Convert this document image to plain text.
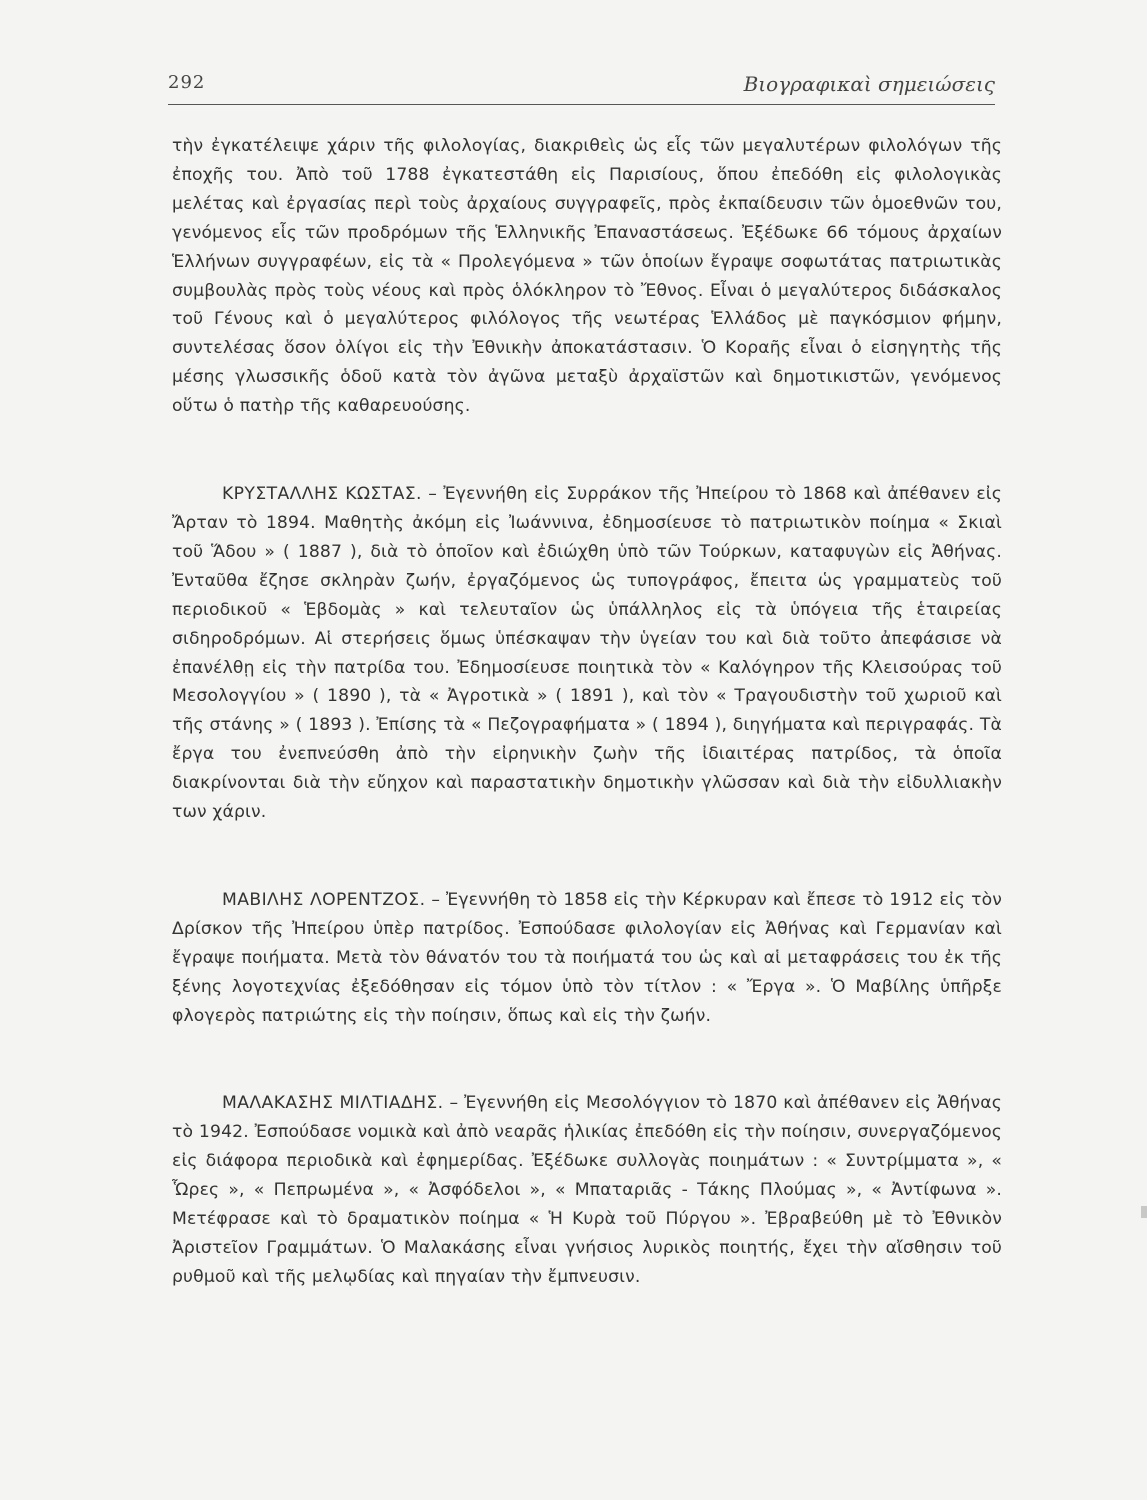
292	Βιογραφικαὶ σημειώσεις

τὴν ἐγκατέλειψε χάριν τῆς φιλολογίας, διακριθεὶς ὡς εἷς τῶν μεγαλυτέρων φιλολόγων τῆς ἐποχῆς του. Ἀπὸ τοῦ 1788 ἐγκατεστάθη εἰς Παρισίους, ὅπου ἐπεδόθη εἰς φιλολογικὰς μελέτας καὶ ἐργασίας περὶ τοὺς ἀρχαίους συγγραφεῖς, πρὸς ἐκπαίδευσιν τῶν ὁμοεθνῶν του, γενόμενος εἷς τῶν προδρόμων τῆς Ἑλληνικῆς Ἐπαναστάσεως. Ἐξέδωκε 66 τόμους ἀρχαίων Ἑλλήνων συγγραφέων, εἰς τὰ « Προλεγόμενα » τῶν ὁποίων ἔγραψε σοφωτάτας πατριωτικὰς συμβουλὰς πρὸς τοὺς νέους καὶ πρὸς ὁλόκληρον τὸ Ἔθνος. Εἶναι ὁ μεγαλύτερος διδάσκαλος τοῦ Γένους καὶ ὁ μεγαλύτερος φιλόλογος τῆς νεωτέρας Ἑλλάδος μὲ παγκόσμιον φήμην, συντελέσας ὅσον ὀλίγοι εἰς τὴν Ἐθνικὴν ἀποκατάστασιν. Ὁ Κοραῆς εἶναι ὁ εἰσηγητὴς τῆς μέσης γλωσσικῆς ὁδοῦ κατὰ τὸν ἀγῶνα μεταξὺ ἀρχαϊστῶν καὶ δημοτικιστῶν, γενόμενος οὕτω ὁ πατὴρ τῆς καθαρευούσης.

ΚΡΥΣΤΑΛΛΗΣ ΚΩΣΤΑΣ. – Ἐγεννήθη εἰς Συρράκον τῆς Ἠπείρου τὸ 1868 καὶ ἀπέθανεν εἰς Ἄρταν τὸ 1894. Μαθητὴς ἀκόμη εἰς Ἰωάννινα, ἐδημοσίευσε τὸ πατριωτικὸν ποίημα « Σκιαὶ τοῦ Ἅδου » ( 1887 ), διὰ τὸ ὁποῖον καὶ ἐδιώχθη ὑπὸ τῶν Τούρκων, καταφυγὼν εἰς Ἀθήνας. Ἐνταῦθα ἔζησε σκληρὰν ζωήν, ἐργαζόμενος ὡς τυπογράφος, ἔπειτα ὡς γραμματεὺς τοῦ περιοδικοῦ « Ἑβδομὰς » καὶ τελευταῖον ὡς ὑπάλληλος εἰς τὰ ὑπόγεια τῆς ἑταιρείας σιδηροδρόμων. Αἱ στερήσεις ὅμως ὑπέσκαψαν τὴν ὑγείαν του καὶ διὰ τοῦτο ἀπεφάσισε νὰ ἐπανέλθῃ εἰς τὴν πατρίδα του. Ἐδημοσίευσε ποιητικὰ τὸν « Καλόγηρον τῆς Κλεισούρας τοῦ Μεσολογγίου » ( 1890 ), τὰ « Ἀγροτικὰ » ( 1891 ), καὶ τὸν « Τραγουδιστὴν τοῦ χωριοῦ καὶ τῆς στάνης » ( 1893 ). Ἐπίσης τὰ « Πεζογραφήματα » ( 1894 ), διηγήματα καὶ περιγραφάς. Τὰ ἔργα του ἐνεπνεύσθη ἀπὸ τὴν εἰρηνικὴν ζωὴν τῆς ἰδιαιτέρας πατρίδος, τὰ ὁποῖα διακρίνονται διὰ τὴν εὔηχον καὶ παραστατικὴν δημοτικὴν γλῶσσαν καὶ διὰ τὴν εἰδυλλιακὴν των χάριν.

ΜΑΒΙΛΗΣ ΛΟΡΕΝΤΖΟΣ. – Ἐγεννήθη τὸ 1858 εἰς τὴν Κέρκυραν καὶ ἔπεσε τὸ 1912 εἰς τὸν Δρίσκον τῆς Ἠπείρου ὑπὲρ πατρίδος. Ἐσπούδασε φιλολογίαν εἰς Ἀθήνας καὶ Γερμανίαν καὶ ἔγραψε ποιήματα. Μετὰ τὸν θάνατόν του τὰ ποιήματά του ὡς καὶ αἱ μεταφράσεις του ἐκ τῆς ξένης λογοτεχνίας ἐξεδόθησαν εἰς τόμον ὑπὸ τὸν τίτλον : « Ἔργα ». Ὁ Μαβίλης ὑπῆρξε φλογερὸς πατριώτης εἰς τὴν ποίησιν, ὅπως καὶ εἰς τὴν ζωήν.

ΜΑΛΑΚΑΣΗΣ ΜΙΛΤΙΑΔΗΣ. – Ἐγεννήθη εἰς Μεσολόγγιον τὸ 1870 καὶ ἀπέθανεν εἰς Ἀθήνας τὸ 1942. Ἐσπούδασε νομικὰ καὶ ἀπὸ νεαρᾶς ἡλικίας ἐπεδόθη εἰς τὴν ποίησιν, συνεργαζόμενος εἰς διάφορα περιοδικὰ καὶ ἐφημερίδας. Ἐξέδωκε συλλογὰς ποιημάτων : « Συντρίμματα », « Ὧρες », « Πεπρωμένα », « Ἀσφόδελοι », « Μπαταριᾶς - Τάκης Πλούμας », « Ἀντίφωνα ». Μετέφρασε καὶ τὸ δραματικὸν ποίημα « Ἡ Κυρὰ τοῦ Πύργου ». Ἐβραβεύθη μὲ τὸ Ἐθνικὸν Ἀριστεῖον Γραμμάτων. Ὁ Μαλακάσης εἶναι γνήσιος λυρικὸς ποιητής, ἔχει τὴν αἴσθησιν τοῦ ρυθμοῦ καὶ τῆς μελῳδίας καὶ πηγαίαν τὴν ἔμπνευσιν.
